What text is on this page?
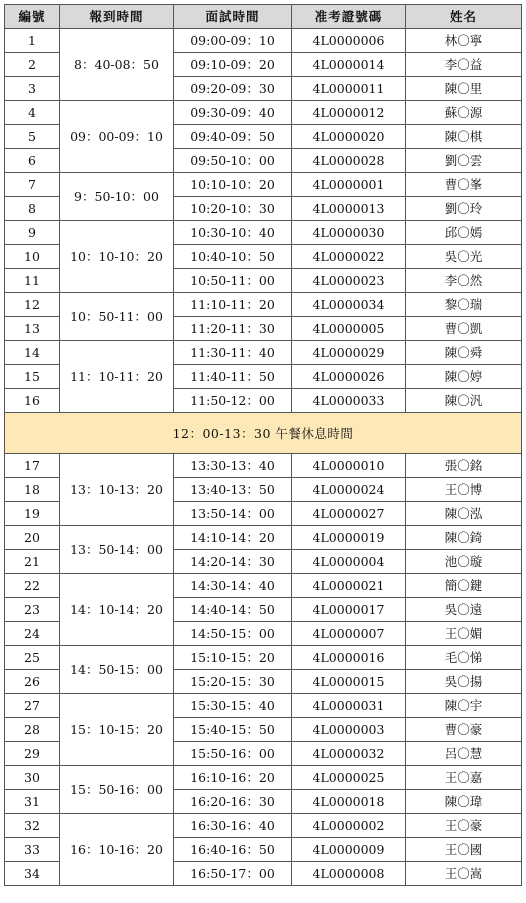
編號	報到時間	面試時間	准考證號碼	姓名
1	8：40-08：50	09:00-09：10	4L0000006	林〇寧
2		09:10-09：20	4L0000014	李〇益
3		09:20-09：30	4L0000011	陳〇里
4	09：00-09：10	09:30-09：40	4L0000012	蘇〇源
5		09:40-09：50	4L0000020	陳〇棋
6		09:50-10：00	4L0000028	劉〇雲
7	9：50-10：00	10:10-10：20	4L0000001	曹〇峯
8		10:20-10：30	4L0000013	劉〇玲
9	10：10-10：20	10:30-10：40	4L0000030	邱〇嫣
10		10:40-10：50	4L0000022	吳〇光
11		10:50-11：00	4L0000023	李〇然
12	10：50-11：00	11:10-11：20	4L0000034	黎〇瑞
13		11:20-11：30	4L0000005	曹〇凱
14	11：10-11：20	11:30-11：40	4L0000029	陳〇舜
15		11:40-11：50	4L0000026	陳〇婷
16		11:50-12：00	4L0000033	陳〇汎
12：00-13：30 午餐休息時間				
17	13：10-13：20	13:30-13：40	4L0000010	張〇銘
18		13:40-13：50	4L0000024	王〇博
19		13:50-14：00	4L0000027	陳〇泓
20	13：50-14：00	14:10-14：20	4L0000019	陳〇錡
21		14:20-14：30	4L0000004	池〇璇
22	14：10-14：20	14:30-14：40	4L0000021	簡〇鍵
23		14:40-14：50	4L0000017	吳〇遠
24		14:50-15：00	4L0000007	王〇媚
25	14：50-15：00	15:10-15：20	4L0000016	毛〇悌
26		15:20-15：30	4L0000015	吳〇揚
27	15：10-15：20	15:30-15：40	4L0000031	陳〇宇
28		15:40-15：50	4L0000003	曹〇豪
29		15:50-16：00	4L0000032	呂〇慧
30	15：50-16：00	16:10-16：20	4L0000025	王〇嘉
31		16:20-16：30	4L0000018	陳〇瑋
32	16：10-16：20	16:30-16：40	4L0000002	王〇豪
33		16:40-16：50	4L0000009	王〇國
34		16:50-17：00	4L0000008	王〇嵩
